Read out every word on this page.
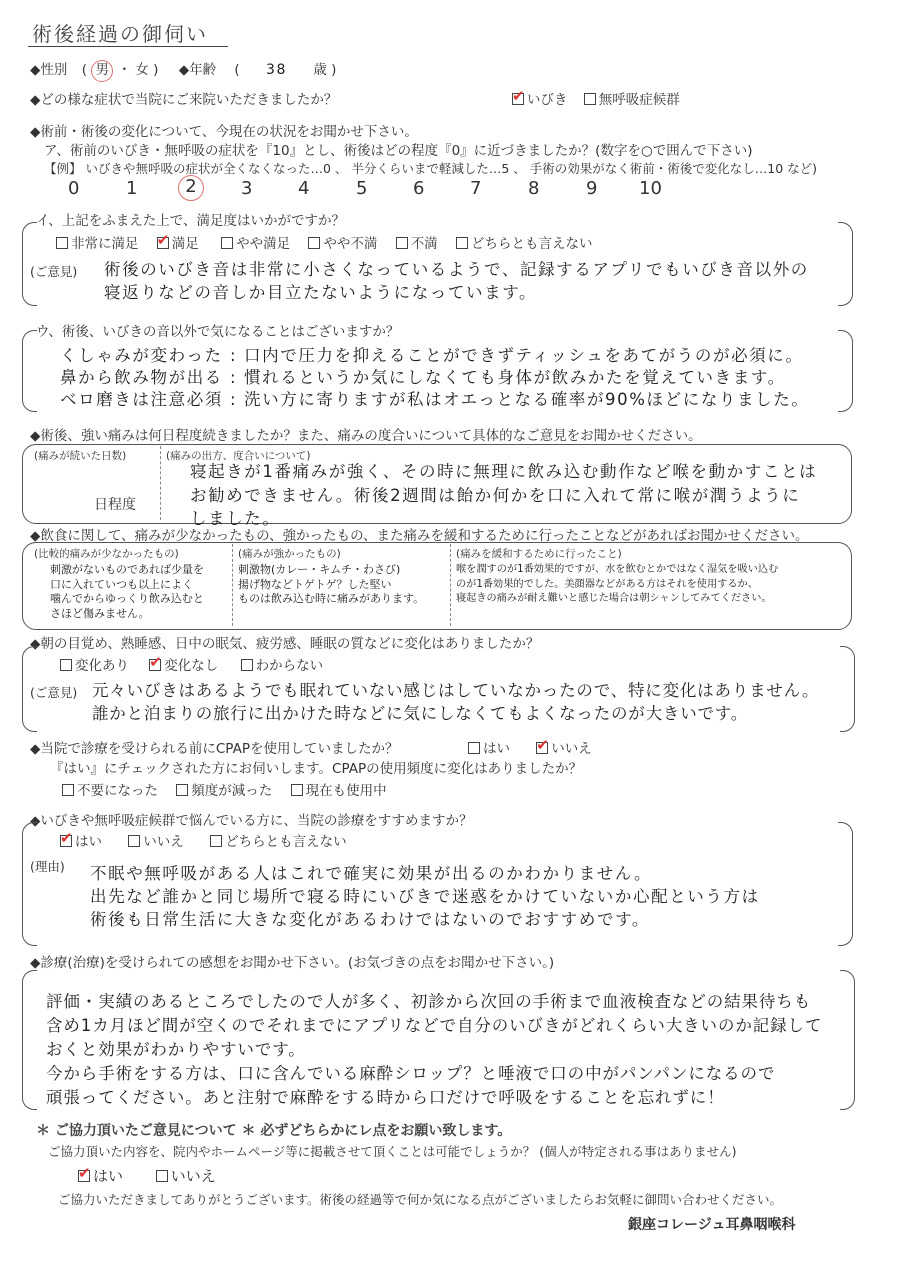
術後経過の御伺い
◆性別 ( 男 ・ 女 ) ◆年齢 ( 38 歳 )
◆どの様な症状で当院にご来院いただきましたか？ ✔	いびき 無呼吸症候群
◆術前・術後の変化について、今現在の状況をお聞かせ下さい。
ア、術前のいびき・無呼吸の症状を『10』とし、術後はどの程度『0』に近づきましたか？(数字を○で囲んで下さい)
【例】 いびきや無呼吸の症状が全くなくなった…0 、 半分くらいまで軽減した…5 、 手術の効果がなく術前・術後で変化なし…10 など)
0	1	2	3	4	5	6	7	8	9 10
イ、上記をふまえた上で、満足度はいかがですか？
非常に満足 ✔ 満足	やや満足 やや不満 不満 どちらとも言えない
(ご意見) 術後のいびき音は非常に小さくなっているようで、記録するアプリでもいびき音以外の
寝返りなどの音しか目立たないようになっています。
ウ、術後、いびきの音以外で気になることはございますか？
くしゃみが変わった : 口内で圧力を抑えることができずティッシュをあてがうのが必須に。
鼻から飲み物が出る : 慣れるというか気にしなくても身体が飲みかたを覚えていきます。
ベロ磨きは注意必須 : 洗い方に寄りますが私はオエっとなる確率が90%ほどになりました。
◆術後、強い痛みは何日程度続きましたか？また、痛みの度合いについて具体的なご意見をお聞かせください。
(痛みが続いた日数)
日程度
(痛みの出方、度合いについて)
寝起きが1番痛みが強く、その時に無理に飲み込む動作など喉を動かすことは
お勧めできません。術後2週間は飴か何かを口に入れて常に喉が潤うように
しました。
◆飲食に関して、痛みが少なかったもの、強かったもの、また痛みを緩和するために行ったことなどがあればお聞かせください。
(比較的痛みが少なかったもの)
刺激がないものであれば少量を
口に入れていつも以上によく
噛んでからゆっくり飲み込むと
さほど傷みません。
(痛みが強かったもの)
刺激物(カレー・キムチ・わさび)
揚げ物などトゲトゲ？した堅い
ものは飲み込む時に痛みがあります。
(痛みを緩和するために行ったこと)
喉を潤すのが1番効果的ですが、水を飲むとかではなく湿気を吸い込む
のが1番効果的でした。美顔器などがある方はそれを使用するか、
寝起きの痛みが耐え難いと感じた場合は朝シャンしてみてください。
◆朝の目覚め、熟睡感、日中の眠気、疲労感、睡眠の質などに変化はありましたか？
変化あり ✔	変化なし	わからない
(ご意見) 元々いびきはあるようでも眠れていない感じはしていなかったので、特に変化はありません。
誰かと泊まりの旅行に出かけた時などに気にしなくてもよくなったのが大きいです。
◆当院で診療を受けられる前にCPAPを使用していましたか？	はい ✔	いいえ
『はい』にチェックされた方にお伺いします。CPAPの使用頻度に変化はありましたか？
不要になった 頻度が減った 現在も使用中
◆いびきや無呼吸症候群で悩んでいる方に、当院の診療をすすめますか？
✔はい	いいえ	どちらとも言えない
(理由) 不眠や無呼吸がある人はこれで確実に効果が出るのかわかりません。
出先など誰かと同じ場所で寝る時にいびきで迷惑をかけていないか心配という方は
術後も日常生活に大きな変化があるわけではないのでおすすめです。
◆診療(治療)を受けられての感想をお聞かせ下さい。(お気づきの点をお聞かせ下さい。)
評価・実績のあるところでしたので人が多く、初診から次回の手術まで血液検査などの結果待ちも
含め1カ月ほど間が空くのでそれまでにアプリなどで自分のいびきがどれくらい大きいのか記録して
おくと効果がわかりやすいです。
今から手術をする方は、口に含んでいる麻酔シロップ？と唾液で口の中がパンパンになるので
頑張ってください。あと注射で麻酔をする時から口だけで呼吸をすることを忘れずに！
＊ ご協力頂いたご意見について ＊ 必ずどちらかにレ点をお願い致します。
ご協力頂いた内容を、院内やホームページ等に掲載させて頂くことは可能でしょうか？ (個人が特定される事はありません)
✔はい	いいえ
ご協力いただきましてありがとうございます。術後の経過等で何か気になる点がございましたらお気軽に御問い合わせください。
銀座コレージュ耳鼻咽喉科
